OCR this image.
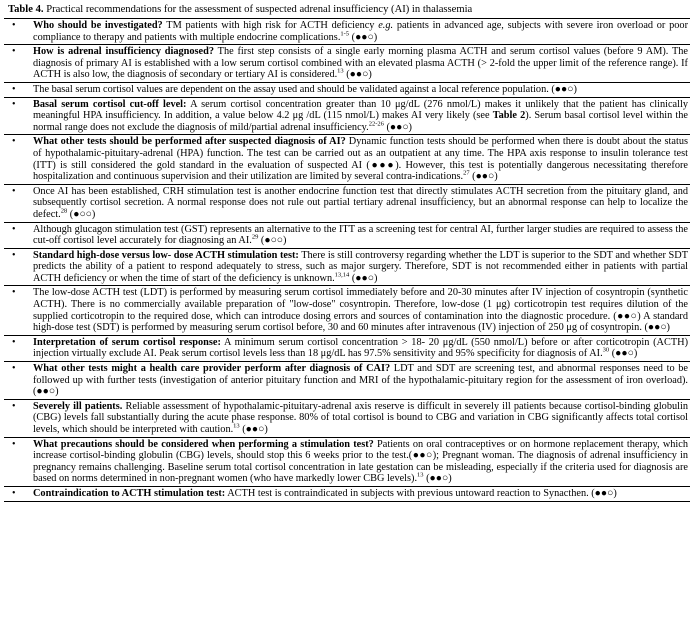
Table 4. Practical recommendations for the assessment of suspected adrenal insufficiency (AI) in thalassemia
• Who should be investigated? TM patients with high risk for ACTH deficiency e.g. patients in advanced age, subjects with severe iron overload or poor compliance to therapy and patients with multiple endocrine complications.$^{1-5}$ (●●○)
• How is adrenal insufficiency diagnosed? The first step consists of a single early morning plasma ACTH and serum cortisol values (before 9 AM). The diagnosis of primary AI is established with a low serum cortisol combined with an elevated plasma ACTH (> 2-fold the upper limit of the reference range). If ACTH is also low, the diagnosis of secondary or tertiary AI is considered.$^{13}$ (●●○)
• The basal serum cortisol values are dependent on the assay used and should be validated against a local reference population. (●●○)
• Basal serum cortisol cut-off level: A serum cortisol concentration greater than 10 μg/dL (276 nmol/L) makes it unlikely that the patient has clinically meaningful HPA insufficiency. In addition, a value below 4.2 μg /dL (115 nmol/L) makes AI very likely (see Table 2). Serum basal cortisol level within the normal range does not exclude the diagnosis of mild/partial adrenal insufficiency.$^{22-26}$ (●●○)
• What other tests should be performed after suspected diagnosis of AI? Dynamic function tests should be performed when there is doubt about the status of hypothalamic-pituitary-adrenal (HPA) function. The test can be carried out as an outpatient at any time. The HPA axis response to insulin tolerance test (ITT) is still considered the gold standard in the evaluation of suspected AI (●●●). However, this test is potentially dangerous necessitating therefore hospitalization and continuous supervision and their utilization are limited by several contra-indications.$^{27}$ (●●○)
• Once AI has been established, CRH stimulation test is another endocrine function test that directly stimulates ACTH secretion from the pituitary gland, and subsequently cortisol secretion. A normal response does not rule out partial tertiary adrenal insufficiency, but an abnormal response can help to localize the defect.$^{28}$ (●○○)
• Although glucagon stimulation test (GST) represents an alternative to the ITT as a screening test for central AI, further larger studies are required to assess the cut-off cortisol level accurately for diagnosing an AI.$^{29}$ (●○○)
• Standard high-dose versus low- dose ACTH stimulation test: There is still controversy regarding whether the LDT is superior to the SDT and whether SDT predicts the ability of a patient to respond adequately to stress, such as major surgery. Therefore, SDT is not recommended either in patients with partial ACTH deficiency or when the time of start of the deficiency is unknown.$^{13,14}$ (●●○)
• The low-dose ACTH test (LDT) is performed by measuring serum cortisol immediately before and 20-30 minutes after IV injection of cosyntropin (synthetic ACTH). There is no commercially available preparation of "low-dose" cosyntropin. Therefore, low-dose (1 μg) corticotropin test requires dilution of the supplied corticotropin to the required dose, which can introduce dosing errors and sources of contamination into the diagnostic procedure. (●●○) A standard high-dose test (SDT) is performed by measuring serum cortisol before, 30 and 60 minutes after intravenous (IV) injection of 250 μg of cosyntropin. (●●○)
• Interpretation of serum cortisol response: A minimum serum cortisol concentration > 18- 20 μg/dL (550 nmol/L) before or after corticotropin (ACTH) injection virtually exclude AI. Peak serum cortisol levels less than 18 μg/dL has 97.5% sensitivity and 95% specificity for diagnosis of AI.$^{30}$ (●●○)
• What other tests might a health care provider perform after diagnosis of CAI? LDT and SDT are screening test, and abnormal responses need to be followed up with further tests (investigation of anterior pituitary function and MRI of the hypothalamic-pituitary region for the assessment of iron overload). (●●○)
• Severely ill patients. Reliable assessment of hypothalamic-pituitary-adrenal axis reserve is difficult in severely ill patients because cortisol-binding globulin (CBG) levels fall substantially during the acute phase response. 80% of total cortisol is bound to CBG and variation in CBG significantly affects total cortisol levels, which should be interpreted with caution.$^{13}$ (●●○)
• What precautions should be considered when performing a stimulation test? Patients on oral contraceptives or on hormone replacement therapy, which increase cortisol-binding globulin (CBG) levels, should stop this 6 weeks prior to the test.(●●○); Pregnant woman. The diagnosis of adrenal insufficiency in pregnancy remains challenging. Baseline serum total cortisol concentration in late gestation can be misleading, especially if the criteria used for diagnosis are based on norms determined in non-pregnant women (who have markedly lower CBG levels).$^{13}$ (●●○)
• Contraindication to ACTH stimulation test: ACTH test is contraindicated in subjects with previous untoward reaction to Synacthen. (●●○)
